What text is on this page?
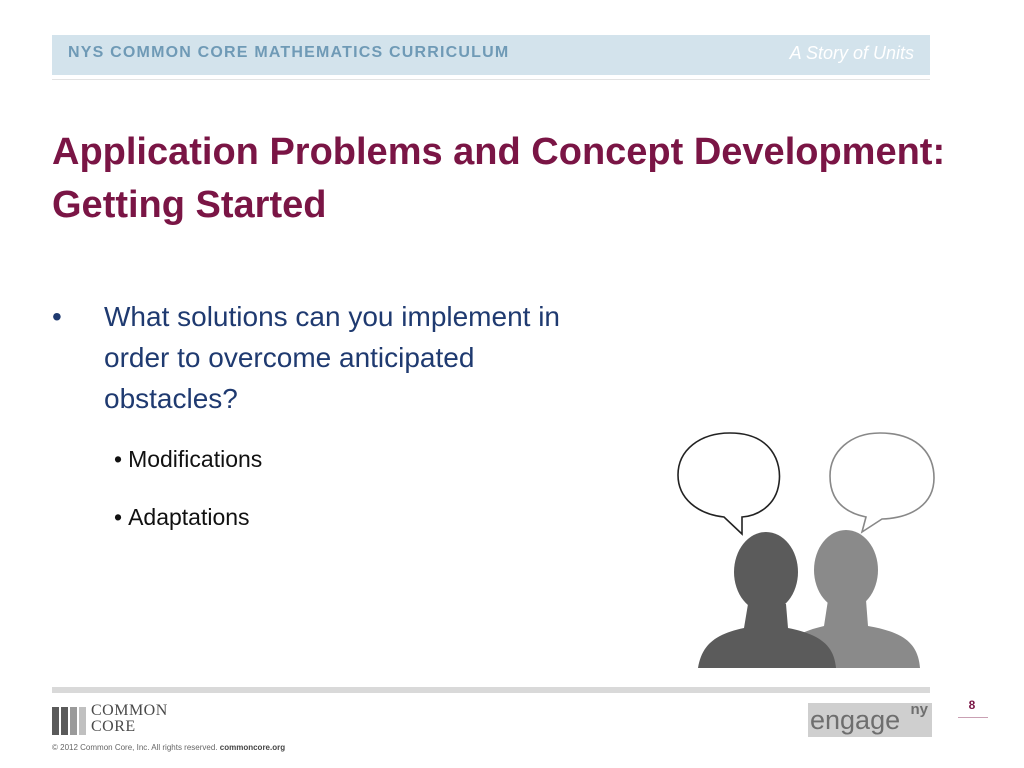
NYS COMMON CORE MATHEMATICS CURRICULUM	A Story of Units
Application Problems and Concept Development:
Getting Started
• What solutions can you implement in
order to overcome anticipated
obstacles?
• Modifications
• Adaptations
8
COMMON
CORE
© 2012 Common Core, Inc. All rights reserved. commoncore.org
engage ny
